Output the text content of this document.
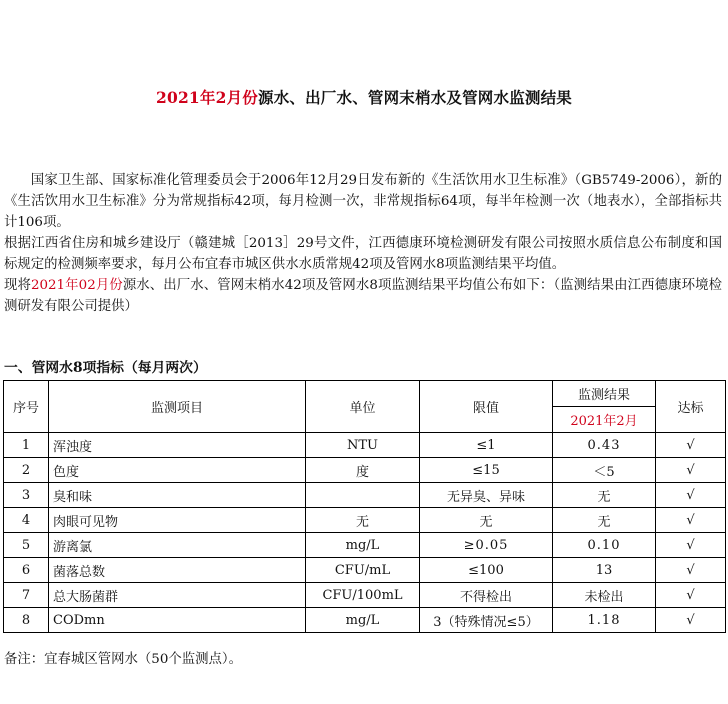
2021年2月份源水、出厂水、管网末梢水及管网水监测结果

国家卫生部、国家标准化管理委员会于2006年12月29日发布新的《生活饮用水卫生标准》（GB5749-2006），新的《生活饮用水卫生标准》分为常规指标42项，每月检测一次，非常规指标64项，每半年检测一次（地表水），全部指标共计106项。

根据江西省住房和城乡建设厅（赣建城［2013］29号文件，江西德康环境检测研发有限公司按照水质信息公布制度和国标规定的检测频率要求，每月公布宜春市城区供水水质常规42项及管网水8项监测结果平均值。

现将2021年02月份源水、出厂水、管网末梢水42项及管网水8项监测结果平均值公布如下：（监测结果由江西德康环境检测研发有限公司提供）

一、管网水8项指标（每月两次）
序号	监测项目	单位	限值	监测结果	达标
				2021年2月	
1	浑浊度	NTU	≤1	0.43	√
2	色度	度	≤15	＜5	√
3	臭和味		无异臭、异味	无	√
4	肉眼可见物	无	无	无	√
5	游离氯	mg/L	≥0.05	0.10	√
6	菌落总数	CFU/mL	≤100	13	√
7	总大肠菌群	CFU/100mL	不得检出	未检出	√
8	CODmn	mg/L	3（特殊情况≤5）	1.18	√
备注：宜春城区管网水（50个监测点）。
